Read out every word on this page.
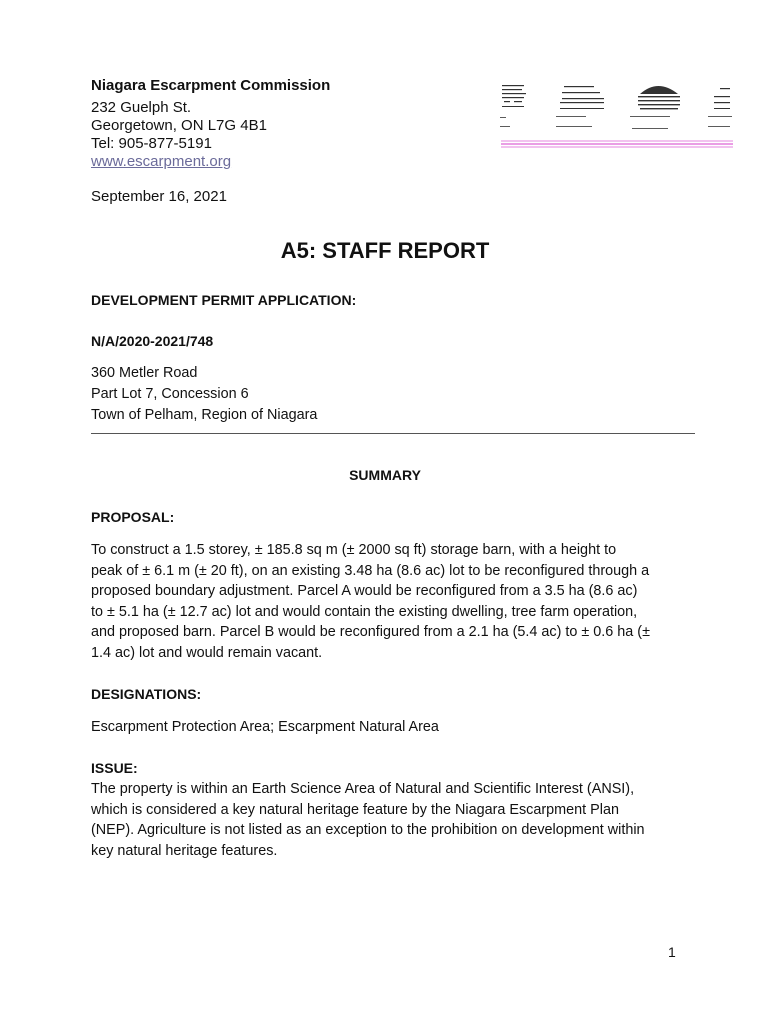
Niagara Escarpment Commission
232 Guelph St.
Georgetown, ON L7G 4B1
Tel: 905-877-5191
www.escarpment.org
September 16, 2021
A5: STAFF REPORT
DEVELOPMENT PERMIT APPLICATION:
N/A/2020-2021/748
360 Metler Road
Part Lot 7, Concession 6
Town of Pelham, Region of Niagara
SUMMARY
PROPOSAL:
To construct a 1.5 storey, ± 185.8 sq m (± 2000 sq ft) storage barn, with a height to
peak of ± 6.1 m (± 20 ft), on an existing 3.48 ha (8.6 ac) lot to be reconfigured through a
proposed boundary adjustment. Parcel A would be reconfigured from a 3.5 ha (8.6 ac)
to ± 5.1 ha (± 12.7 ac) lot and would contain the existing dwelling, tree farm operation,
and proposed barn. Parcel B would be reconfigured from a 2.1 ha (5.4 ac) to ± 0.6 ha (±
1.4 ac) lot and would remain vacant.
DESIGNATIONS:
Escarpment Protection Area; Escarpment Natural Area
ISSUE:
The property is within an Earth Science Area of Natural and Scientific Interest (ANSI),
which is considered a key natural heritage feature by the Niagara Escarpment Plan
(NEP). Agriculture is not listed as an exception to the prohibition on development within
key natural heritage features.
1
